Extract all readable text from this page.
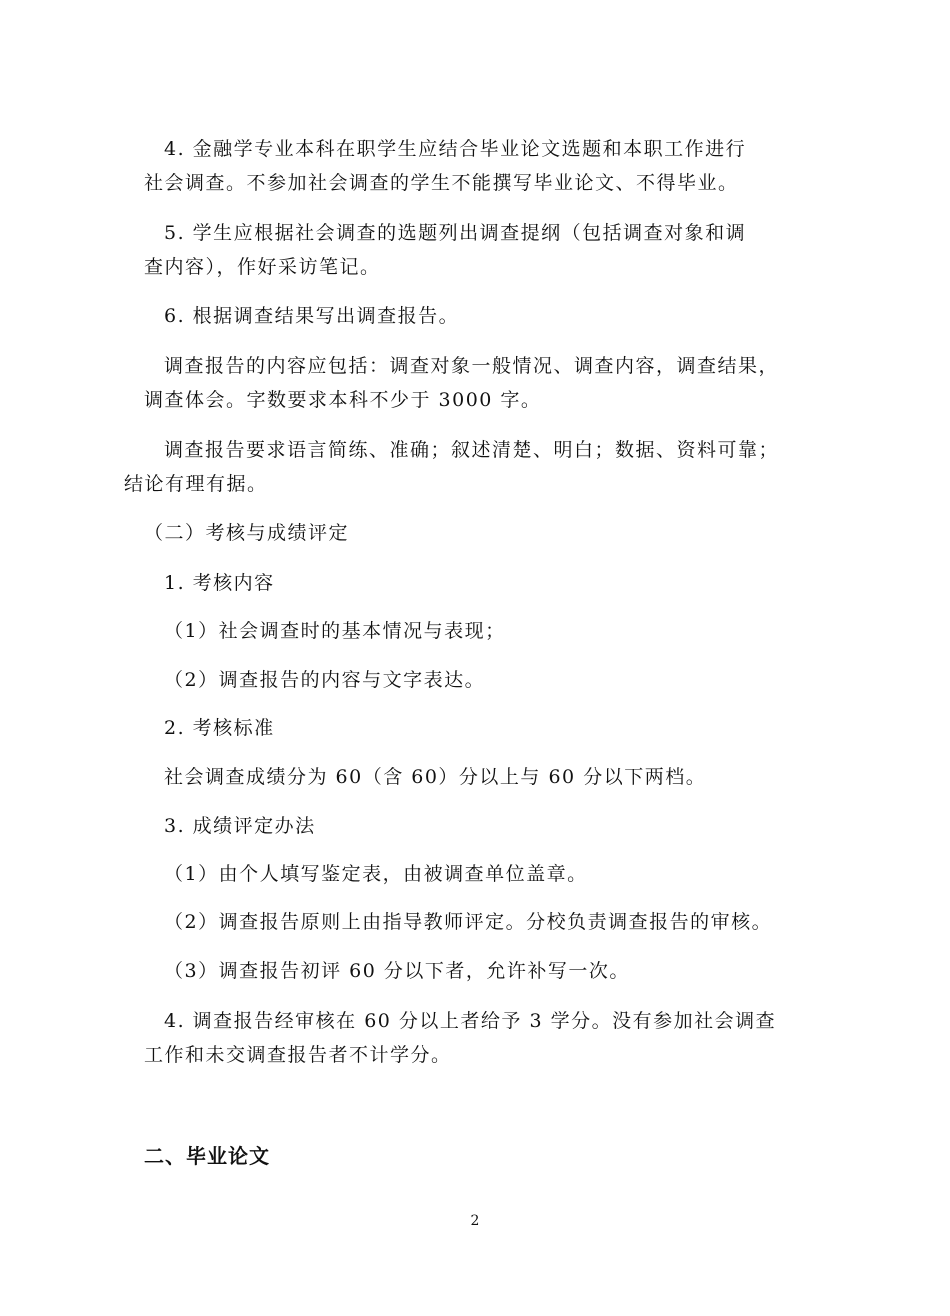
4. 金融学专业本科在职学生应结合毕业论文选题和本职工作进行
社会调查。不参加社会调查的学生不能撰写毕业论文、不得毕业。
5. 学生应根据社会调查的选题列出调查提纲（包括调查对象和调
查内容），作好采访笔记。
6. 根据调查结果写出调查报告。
调查报告的内容应包括：调查对象一般情况、调查内容，调查结果，
调查体会。字数要求本科不少于 3000 字。
调查报告要求语言简练、准确；叙述清楚、明白；数据、资料可靠；
结论有理有据。
（二）考核与成绩评定
1. 考核内容
（1）社会调查时的基本情况与表现；
（2）调查报告的内容与文字表达。
2. 考核标准
社会调查成绩分为 60（含 60）分以上与 60 分以下两档。
3. 成绩评定办法
（1）由个人填写鉴定表，由被调查单位盖章。
（2）调查报告原则上由指导教师评定。分校负责调查报告的审核。
（3）调查报告初评 60 分以下者，允许补写一次。
4. 调查报告经审核在 60 分以上者给予 3 学分。没有参加社会调查
工作和未交调查报告者不计学分。
二、毕业论文
2
